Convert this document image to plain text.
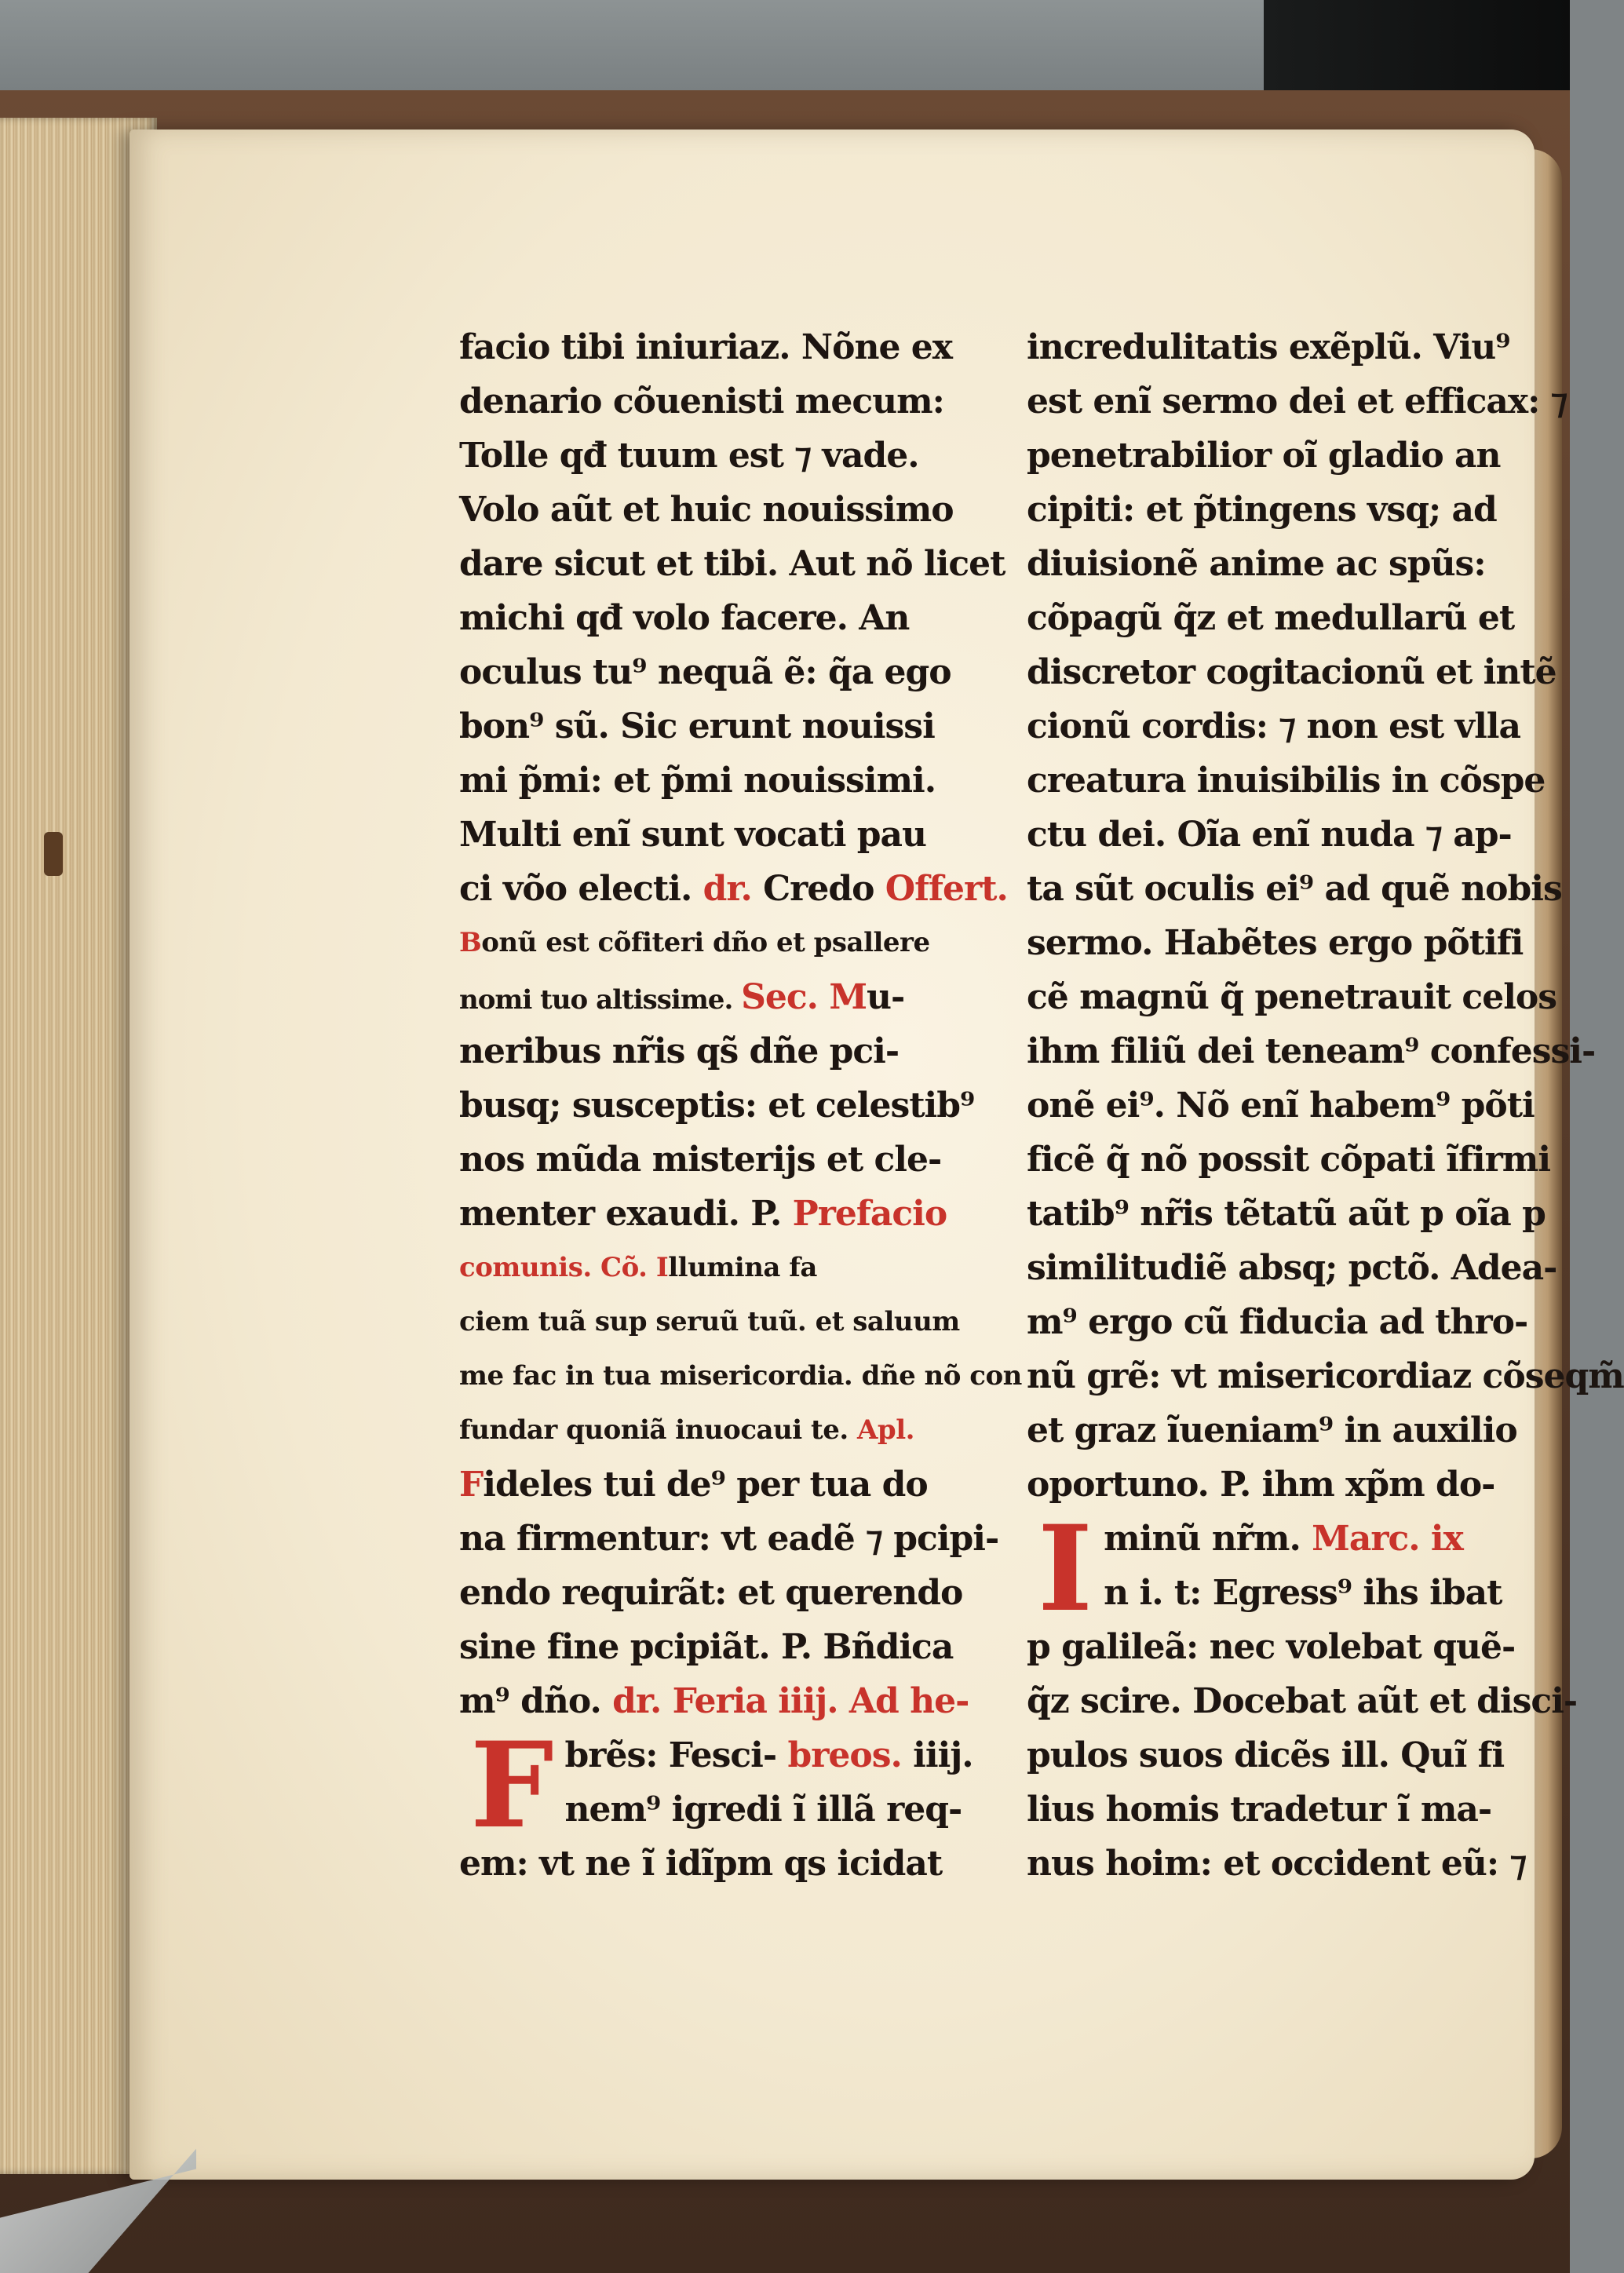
facio tibi iniuriaz. Nõne ex
denario cõuenisti mecum:
Tolle qđ tuum est ⁊ vade.
Volo aũt et huic nouissimo
dare sicut et tibi. Aut nõ licet
michi qđ volo facere. An
oculus tu⁹ nequã ẽ: q̃a ego
bon⁹ sũ. Sic erunt nouissi
mi p̃mi: et p̃mi nouissimi.
Multi enĩ sunt vocati pau
ci võo electi. dr. Credo Offert.
Bonũ est cõfiteri dño et psallere
nomi tuo altissime. Sec. Mu-
neribus nr̃is qs̃ dñe pci-
busq; susceptis: et celestib⁹
nos mũda misterijs et cle-
menter exaudi. P. Prefacio
comunis. Cõ. Illumina fa
ciem tuã sup seruũ tuũ. et saluum
me fac in tua misericordia. dñe nõ con
fundar quoniã inuocaui te. Apl.
Fideles tui de⁹ per tua do
na firmentur: vt eadẽ ⁊ pcipi-
endo requirãt: et querendo
sine fine pcipiãt. P. Bñdica
m⁹ dño. dr. Feria iiij. Ad he-
F brẽs: Fesci- breos. iiij.
nem⁹ igredi ĩ illã req-
em: vt ne ĩ idĩpm qs icidat
incredulitatis exẽplũ. Viu⁹
est enĩ sermo dei et efficax: ⁊
penetrabilior oĩ gladio an
cipiti: et p̃tingens vsq; ad
diuisionẽ anime ac spũs:
cõpagũ q̃z et medullarũ et
discretor cogitacionũ et intẽ
cionũ cordis: ⁊ non est vlla
creatura inuisibilis in cõspe
ctu dei. Oĩa enĩ nuda ⁊ ap-
ta sũt oculis ei⁹ ad quẽ nobis
sermo. Habẽtes ergo põtifi
cẽ magnũ q̃ penetrauit celos
ihm filiũ dei teneam⁹ confessi-
onẽ ei⁹. Nõ enĩ habem⁹ põti
ficẽ q̃ nõ possit cõpati ĩfirmi
tatib⁹ nr̃is tẽtatũ aũt p oĩa p
similitudiẽ absq; pctõ. Adea-
m⁹ ergo cũ fiducia ad thro-
nũ grẽ: vt misericordiaz cõseqm̃
et graz ĩueniam⁹ in auxilio
oportuno. P. ihm xp̃m do-
I minũ nr̃m. Marc. ix
n i. t: Egress⁹ ihs ibat
p galileã: nec volebat quẽ-
q̃z scire. Docebat aũt et disci-
pulos suos dicẽs ill. Quĩ fi
lius homis tradetur ĩ ma-
nus hoim: et occident eũ: ⁊
